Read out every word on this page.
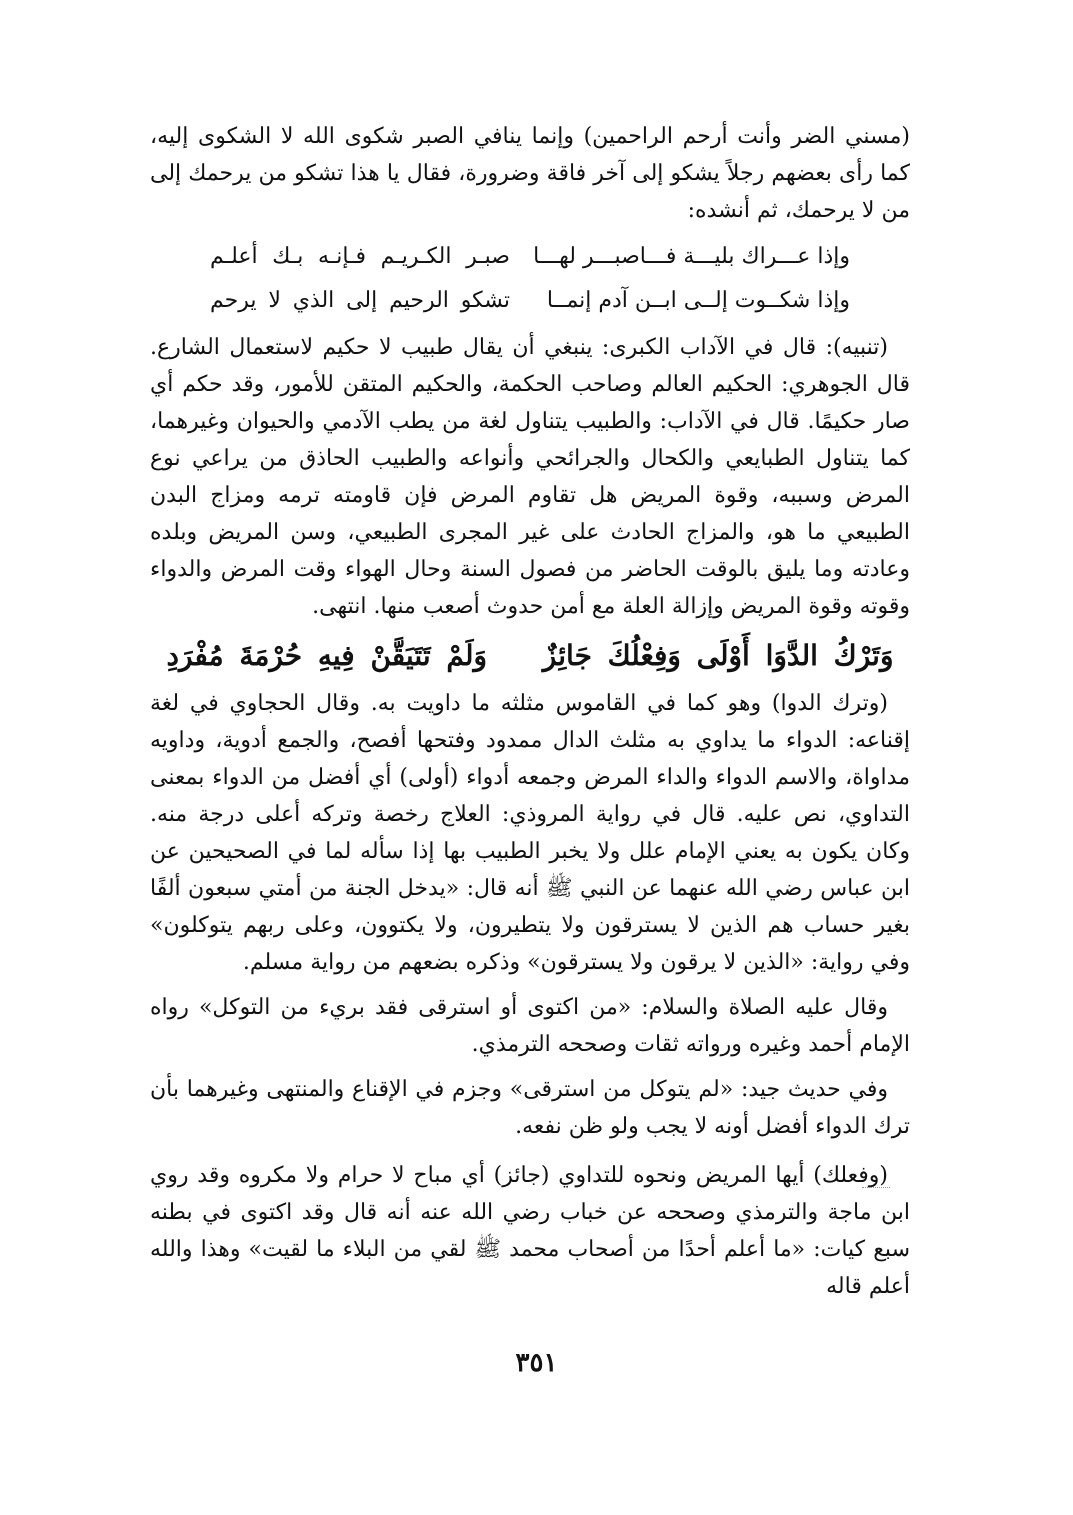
(مسني الضر وأنت أرحم الراحمين) وإنما ينافي الصبر شكوى الله لا الشكوى إليه، كما رأى بعضهم رجلاً يشكو إلى آخر فاقة وضرورة، فقال يا هذا تشكو من يرحمك إلى من لا يرحمك، ثم أنشده:

وإذا عـــراك بليـــة فـــاصبـــر لهـــا
صبـر الكـريـم فـإنـه بـك أعلـم
وإذا شكــوت إلــى ابــن آدم إنمــا
تشكو الرحيم إلى الذي لا يرحم

(تنبيه): قال في الآداب الكبرى: ينبغي أن يقال طبيب لا حكيم لاستعمال الشارع. قال الجوهري: الحكيم العالم وصاحب الحكمة، والحكيم المتقن للأمور، وقد حكم أي صار حكيمًا. قال في الآداب: والطبيب يتناول لغة من يطب الآدمي والحيوان وغيرهما، كما يتناول الطبايعي والكحال والجرائحي وأنواعه والطبيب الحاذق من يراعي نوع المرض وسببه، وقوة المريض هل تقاوم المرض فإن قاومته ترمه ومزاج البدن الطبيعي ما هو، والمزاج الحادث على غير المجرى الطبيعي، وسن المريض وبلده وعادته وما يليق بالوقت الحاضر من فصول السنة وحال الهواء وقت المرض والدواء وقوته وقوة المريض وإزالة العلة مع أمن حدوث أصعب منها. انتهى.

وَتَرْكُ الدَّوَا أَوْلَى وَفِعْلُكَ جَائِزٌ وَلَمْ تَتَيَقَّنْ فِيهِ حُرْمَةَ مُفْرَدِ

(وترك الدوا) وهو كما في القاموس مثلثه ما داويت به. وقال الحجاوي في لغة إقناعه: الدواء ما يداوي به مثلث الدال ممدود وفتحها أفصح، والجمع أدوية، وداويه مداواة، والاسم الدواء والداء المرض وجمعه أدواء (أولى) أي أفضل من الدواء بمعنى التداوي، نص عليه. قال في رواية المروذي: العلاج رخصة وتركه أعلى درجة منه. وكان يكون به يعني الإمام علل ولا يخبر الطبيب بها إذا سأله لما في الصحيحين عن ابن عباس رضي الله عنهما عن النبي ﷺ أنه قال: «يدخل الجنة من أمتي سبعون ألفًا بغير حساب هم الذين لا يسترقون ولا يتطيرون، ولا يكتوون، وعلى ربهم يتوكلون» وفي رواية: «الذين لا يرقون ولا يسترقون» وذكره بضعهم من رواية مسلم.

وقال عليه الصلاة والسلام: «من اكتوى أو استرقى فقد بريء من التوكل» رواه الإمام أحمد وغيره ورواته ثقات وصححه الترمذي.

وفي حديث جيد: «لم يتوكل من استرقى» وجزم في الإقناع والمنتهى وغيرهما بأن ترك الدواء أفضل أونه لا يجب ولو ظن نفعه.

(وفعلك) أيها المريض ونحوه للتداوي (جائز) أي مباح لا حرام ولا مكروه وقد روي ابن ماجة والترمذي وصححه عن خباب رضي الله عنه أنه قال وقد اكتوى في بطنه سبع كيات: «ما أعلم أحدًا من أصحاب محمد ﷺ لقي من البلاء ما لقيت» وهذا والله أعلم قاله

٣٥١
